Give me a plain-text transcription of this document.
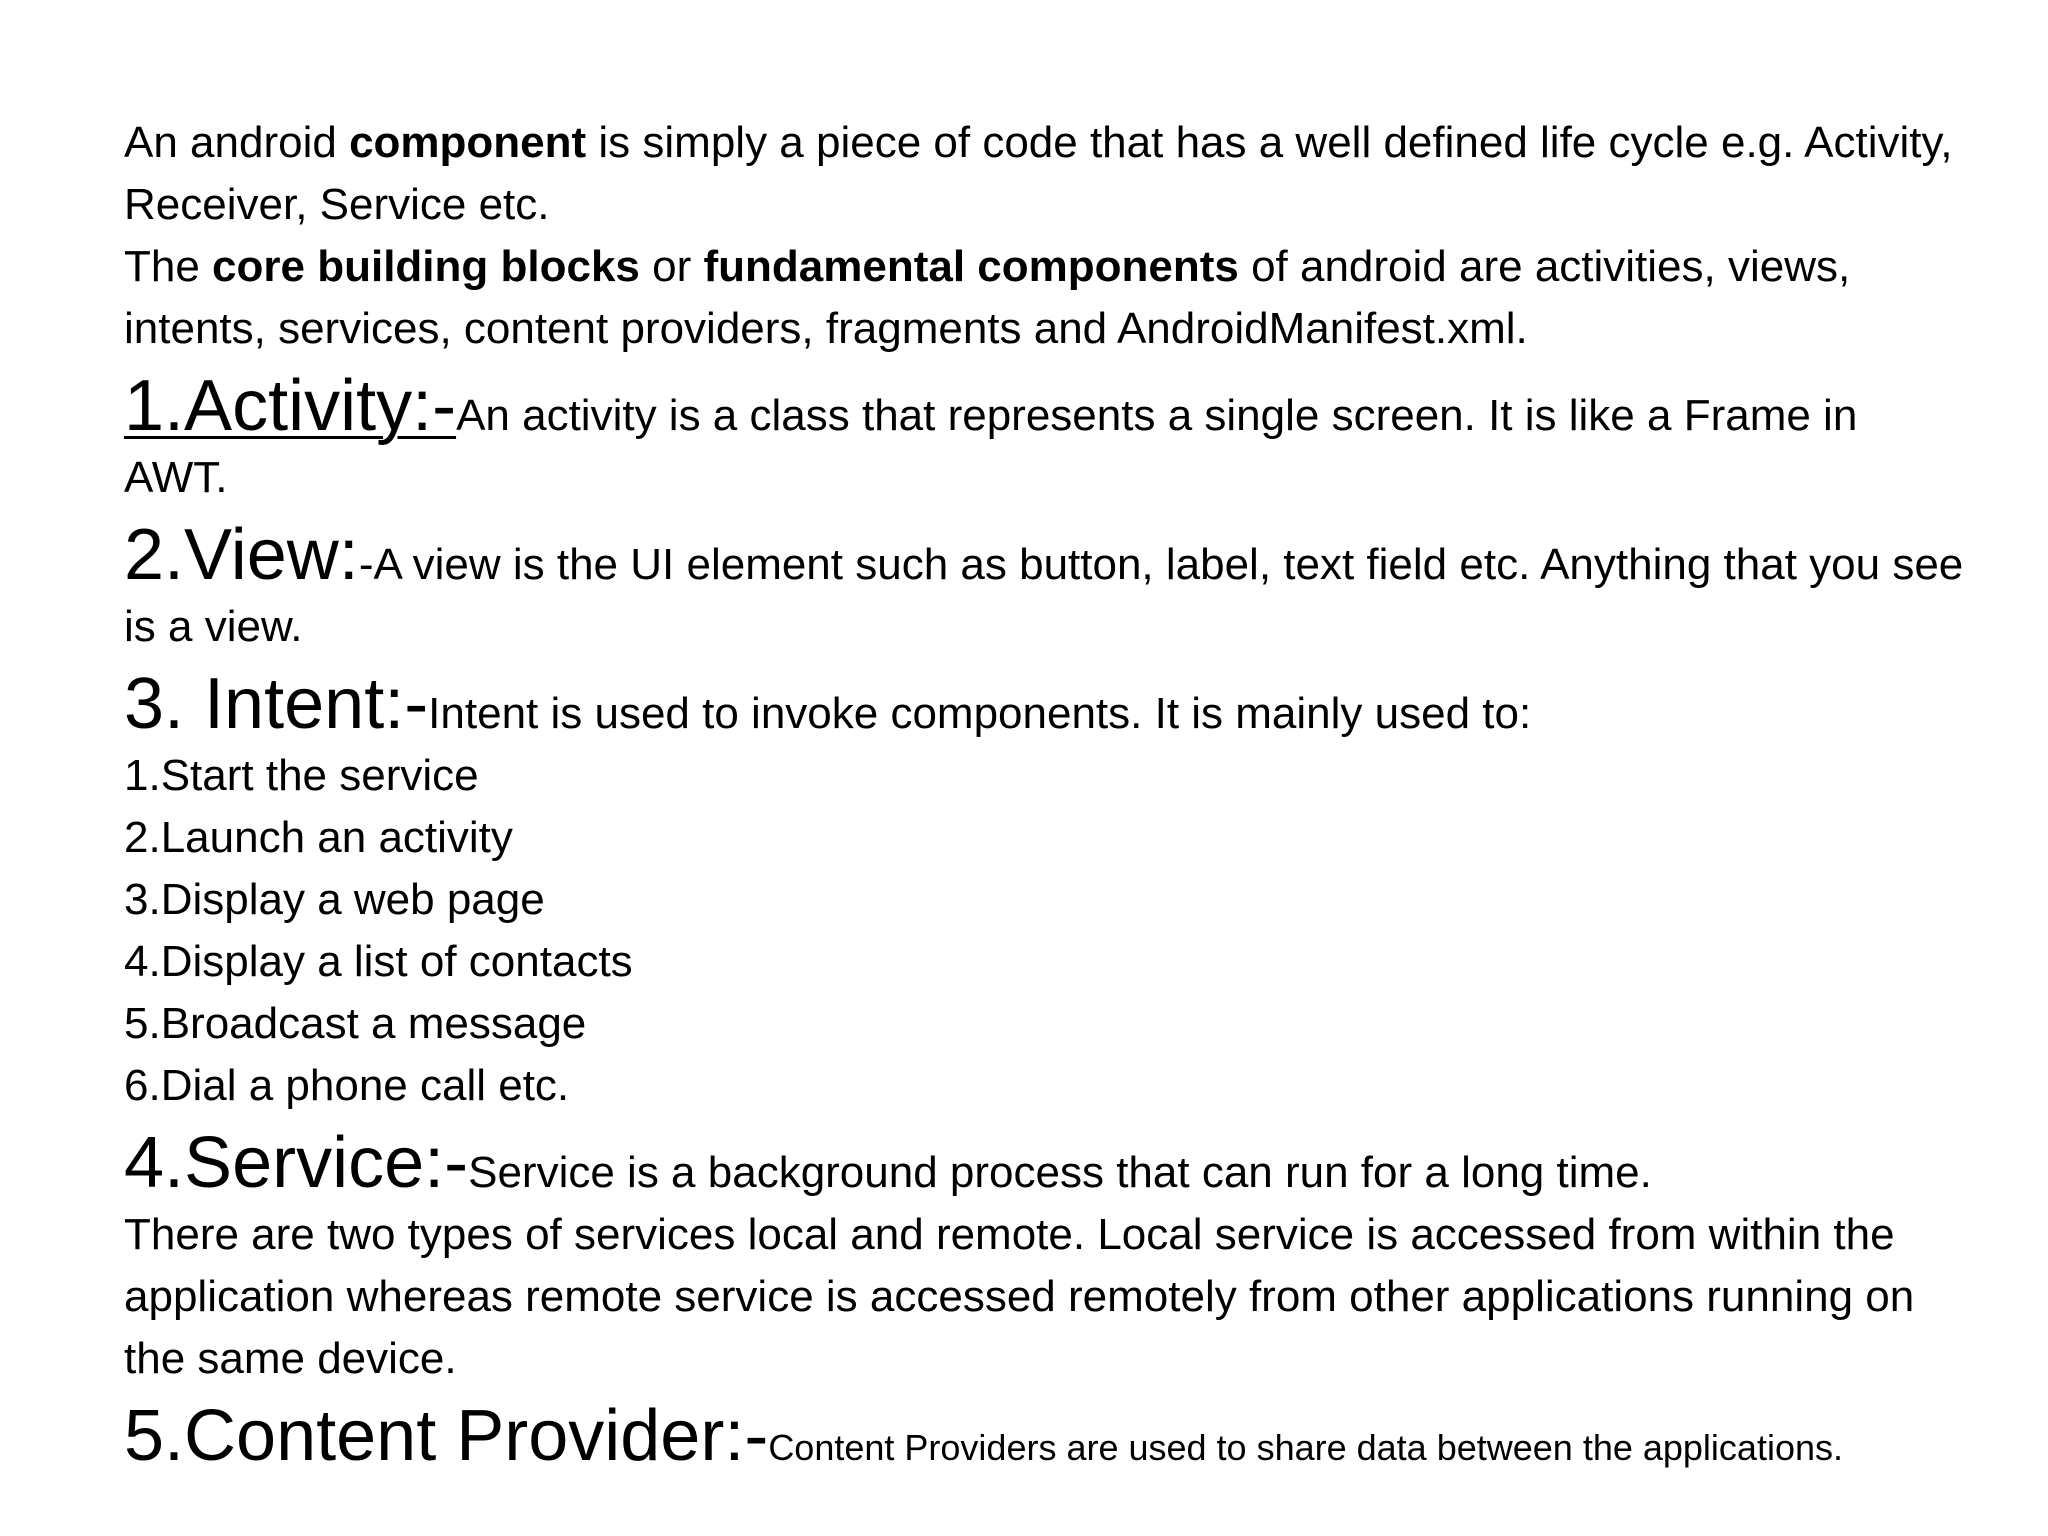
An android component is simply a piece of code that has a well defined life cycle e.g. Activity, Receiver, Service etc.

The core building blocks or fundamental components of android are activities, views, intents, services, content providers, fragments and AndroidManifest.xml.

1.Activity:-An activity is a class that represents a single screen. It is like a Frame in AWT.

2.View:-A view is the UI element such as button, label, text field etc. Anything that you see is a view.

3. Intent:-Intent is used to invoke components. It is mainly used to:

1.Start the service
2.Launch an activity
3.Display a web page
4.Display a list of contacts
5.Broadcast a message
6.Dial a phone call etc.

4.Service:-Service is a background process that can run for a long time.

There are two types of services local and remote. Local service is accessed from within the application whereas remote service is accessed remotely from other applications running on the same device.

5.Content Provider:-Content Providers are used to share data between the applications.
